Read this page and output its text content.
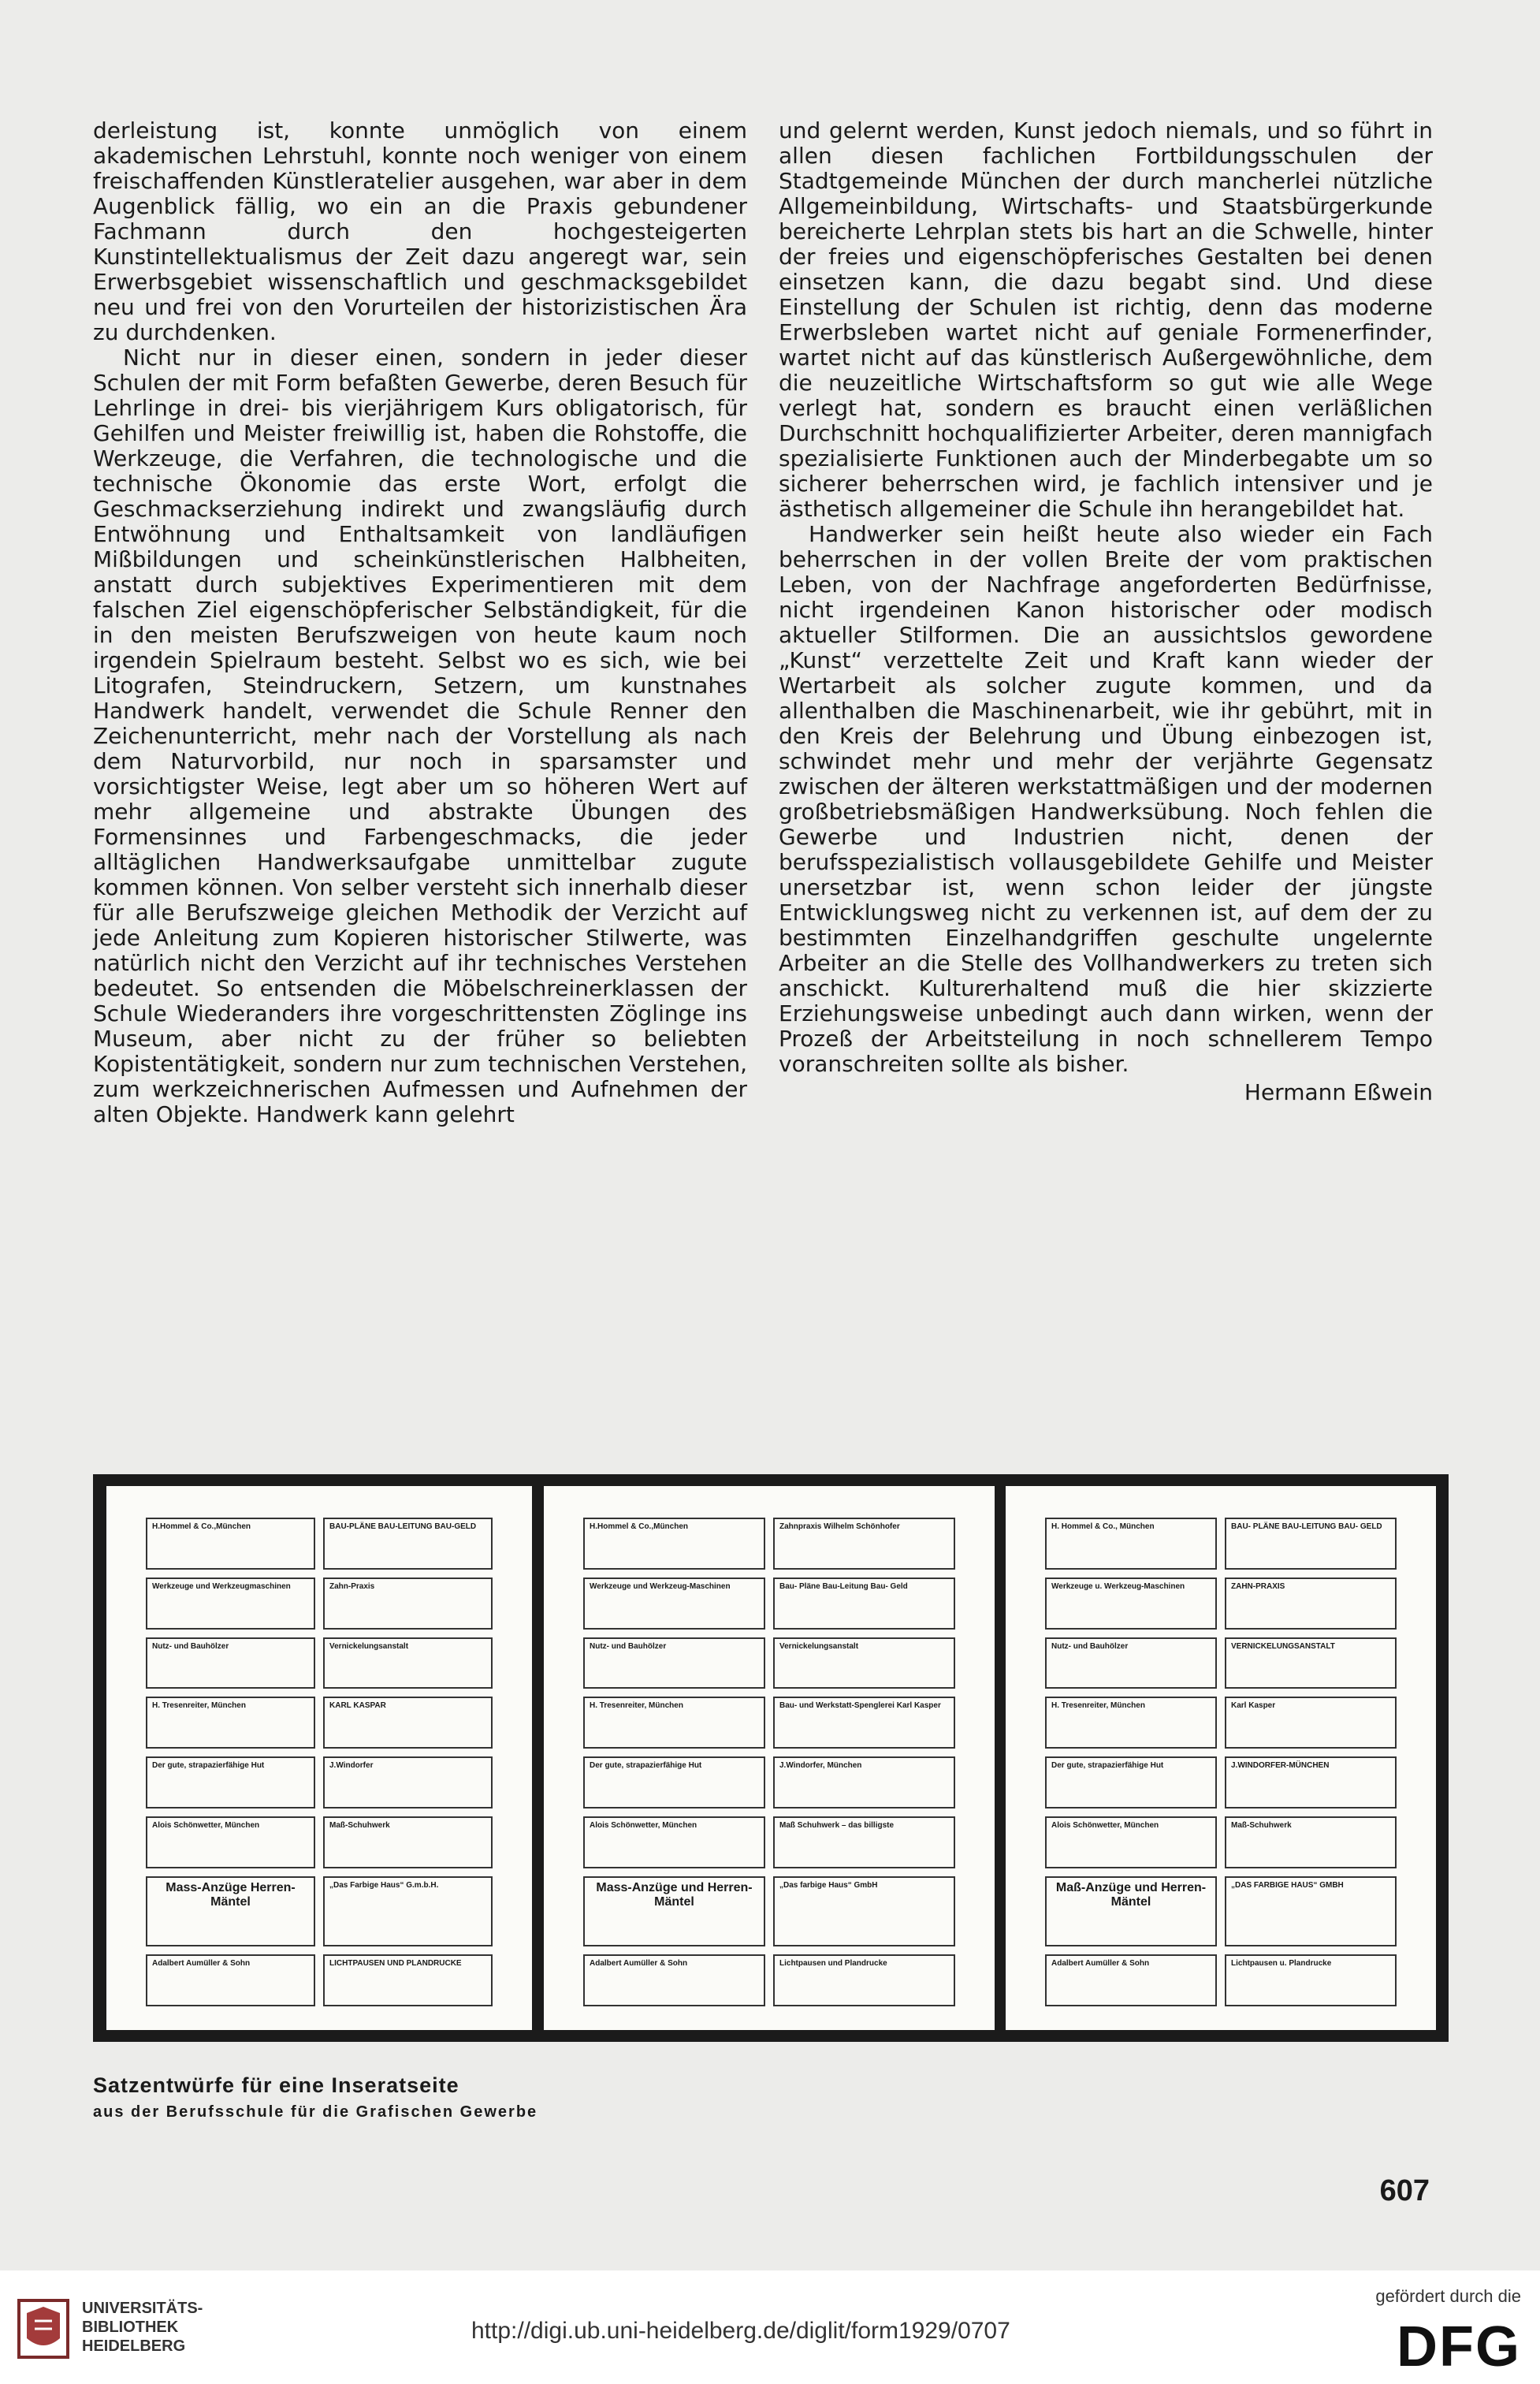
derleistung ist, konnte unmöglich von einem akademischen Lehrstuhl, konnte noch weniger von einem freischaffenden Künstleratelier ausgehen, war aber in dem Augenblick fällig, wo ein an die Praxis gebundener Fachmann durch den hochgesteigerten Kunstintellektualismus der Zeit dazu angeregt war, sein Erwerbsgebiet wissenschaftlich und geschmacksgebildet neu und frei von den Vorurteilen der historizistischen Ära zu durchdenken.

Nicht nur in dieser einen, sondern in jeder dieser Schulen der mit Form befaßten Gewerbe, deren Besuch für Lehrlinge in drei- bis vierjährigem Kurs obligatorisch, für Gehilfen und Meister freiwillig ist, haben die Rohstoffe, die Werkzeuge, die Verfahren, die technologische und die technische Ökonomie das erste Wort, erfolgt die Geschmackserziehung indirekt und zwangsläufig durch Entwöhnung und Enthaltsamkeit von landläufigen Mißbildungen und scheinkünstlerischen Halbheiten, anstatt durch subjektives Experimentieren mit dem falschen Ziel eigenschöpferischer Selbständigkeit, für die in den meisten Berufszweigen von heute kaum noch irgendein Spielraum besteht. Selbst wo es sich, wie bei Litografen, Steindruckern, Setzern, um kunstnahes Handwerk handelt, verwendet die Schule Renner den Zeichenunterricht, mehr nach der Vorstellung als nach dem Naturvorbild, nur noch in sparsamster und vorsichtigster Weise, legt aber um so höheren Wert auf mehr allgemeine und abstrakte Übungen des Formensinnes und Farbengeschmacks, die jeder alltäglichen Handwerksaufgabe unmittelbar zugute kommen können. Von selber versteht sich innerhalb dieser für alle Berufszweige gleichen Methodik der Verzicht auf jede Anleitung zum Kopieren historischer Stilwerte, was natürlich nicht den Verzicht auf ihr technisches Verstehen bedeutet. So entsenden die Möbelschreinerklassen der Schule Wiederanders ihre vorgeschrittensten Zöglinge ins Museum, aber nicht zu der früher so beliebten Kopistentätigkeit, sondern nur zum technischen Verstehen, zum werkzeichnerischen Aufmessen und Aufnehmen der alten Objekte. Handwerk kann gelehrt

und gelernt werden, Kunst jedoch niemals, und so führt in allen diesen fachlichen Fortbildungsschulen der Stadtgemeinde München der durch mancherlei nützliche Allgemeinbildung, Wirtschafts- und Staatsbürgerkunde bereicherte Lehrplan stets bis hart an die Schwelle, hinter der freies und eigenschöpferisches Gestalten bei denen einsetzen kann, die dazu begabt sind. Und diese Einstellung der Schulen ist richtig, denn das moderne Erwerbsleben wartet nicht auf geniale Formenerfinder, wartet nicht auf das künstlerisch Außergewöhnliche, dem die neuzeitliche Wirtschaftsform so gut wie alle Wege verlegt hat, sondern es braucht einen verläßlichen Durchschnitt hochqualifizierter Arbeiter, deren mannigfach spezialisierte Funktionen auch der Minderbegabte um so sicherer beherrschen wird, je fachlich intensiver und je ästhetisch allgemeiner die Schule ihn herangebildet hat.

Handwerker sein heißt heute also wieder ein Fach beherrschen in der vollen Breite der vom praktischen Leben, von der Nachfrage angeforderten Bedürfnisse, nicht irgendeinen Kanon historischer oder modisch aktueller Stilformen. Die an aussichtslos gewordene „Kunst“ verzettelte Zeit und Kraft kann wieder der Wertarbeit als solcher zugute kommen, und da allenthalben die Maschinenarbeit, wie ihr gebührt, mit in den Kreis der Belehrung und Übung einbezogen ist, schwindet mehr und mehr der verjährte Gegensatz zwischen der älteren werkstattmäßigen und der modernen großbetriebsmäßigen Handwerksübung. Noch fehlen die Gewerbe und Industrien nicht, denen der berufsspezialistisch vollausgebildete Gehilfe und Meister unersetzbar ist, wenn schon leider der jüngste Entwicklungsweg nicht zu verkennen ist, auf dem der zu bestimmten Einzelhandgriffen geschulte ungelernte Arbeiter an die Stelle des Vollhandwerkers zu treten sich anschickt. Kulturerhaltend muß die hier skizzierte Erziehungsweise unbedingt auch dann wirken, wenn der Prozeß der Arbeitsteilung in noch schnellerem Tempo voranschreiten sollte als bisher.

Hermann Eßwein
H.Hommel & Co.,München	BAU-PLÄNE BAU-LEITUNG BAU-GELD
Werkzeuge und Werkzeugmaschinen	Zahn-Praxis
Nutz- und Bauhölzer	Vernickelungsanstalt
H. Tresenreiter, München	KARL KASPAR
Der gute, strapazierfähige Hut	J.Windorfer
Alois Schönwetter, München	Maß-Schuhwerk
Mass-Anzüge Herren-Mäntel
„Das Farbige Haus“ G.m.b.H.
Adalbert Aumüller & Sohn	LICHTPAUSEN UND PLANDRUCKE
H.Hommel & Co.,München	Zahnpraxis Wilhelm Schönhofer
Werkzeuge und Werkzeug-Maschinen	Bau- Pläne Bau-Leitung Bau- Geld
Nutz- und Bauhölzer	Vernickelungsanstalt
H. Tresenreiter, München	Bau- und Werkstatt-Spenglerei Karl Kasper
Der gute, strapazierfähige Hut	J.Windorfer, München
Alois Schönwetter, München	Maß Schuhwerk – das billigste
Mass-Anzüge und Herren-Mäntel
„Das farbige Haus“ GmbH
Adalbert Aumüller & Sohn	Lichtpausen und Plandrucke
H. Hommel & Co., München	BAU- PLÄNE BAU-LEITUNG BAU- GELD
Werkzeuge u. Werkzeug-Maschinen	ZAHN-PRAXIS
Nutz- und Bauhölzer	VERNICKELUNGSANSTALT
H. Tresenreiter, München	Karl Kasper
Der gute, strapazierfähige Hut	J.WINDORFER-MÜNCHEN
Alois Schönwetter, München	Maß-Schuhwerk
Maß-Anzüge und Herren-Mäntel
„DAS FARBIGE HAUS“ GMBH
Adalbert Aumüller & Sohn	Lichtpausen u. Plandrucke
Satzentwürfe für eine Inseratseite
aus der Berufsschule für die Grafischen Gewerbe
607
UNIVERSITÄTS-
BIBLIOTHEK
HEIDELBERG
http://digi.ub.uni-heidelberg.de/diglit/form1929/0707
gefördert durch die
DFG
